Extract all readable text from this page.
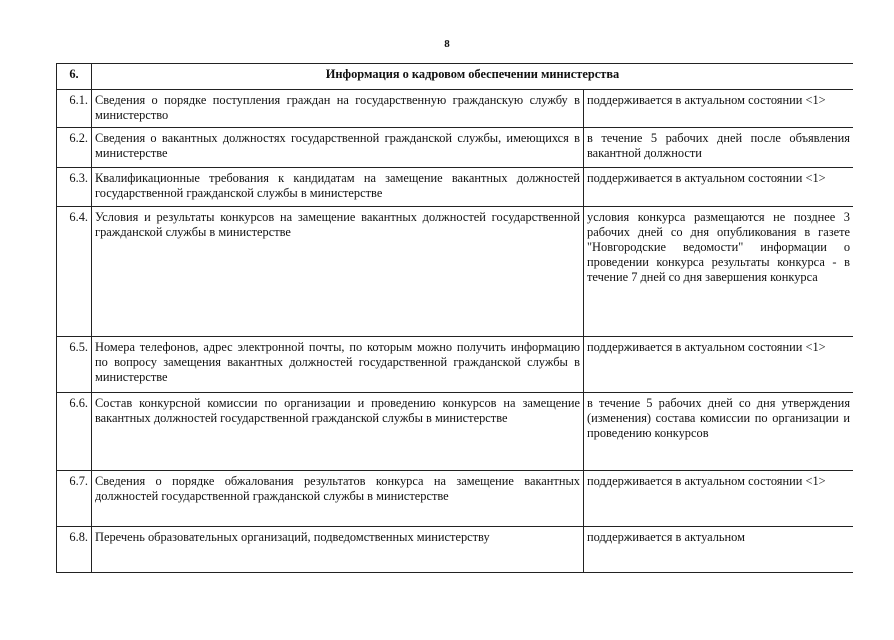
8
6.	Информация о кадровом обеспечении министерства	
6.1.	Сведения о порядке поступления граждан на государственную гражданскую службу в министерство	поддерживается в актуальном состоянии <1>
6.2.	Сведения о вакантных должностях государственной гражданской службы, имеющихся в министерстве	в течение 5 рабочих дней после объявления вакантной должности
6.3.	Квалификационные требования к кандидатам на замещение вакантных должностей государственной гражданской службы в министерстве	поддерживается в актуальном состоянии <1>
6.4.	Условия и результаты конкурсов на замещение вакантных должностей государственной гражданской службы в министерстве	условия конкурса размещаются не позднее 3 рабочих дней со дня опубликования в газете "Новгородские ведомости" информации о проведении конкурса результаты конкурса - в течение 7 дней со дня завершения конкурса
6.5.	Номера телефонов, адрес электронной почты, по которым можно получить информацию по вопросу замещения вакантных должностей государственной гражданской службы в министерстве	поддерживается в актуальном состоянии <1>
6.6.	Состав конкурсной комиссии по организации и проведению конкурсов на замещение вакантных должностей государственной гражданской службы в министерстве	в течение 5 рабочих дней со дня утверждения (изменения) состава комиссии по организации и проведению конкурсов
6.7.	Сведения о порядке обжалования результатов конкурса на замещение вакантных должностей государственной гражданской службы в министерстве	поддерживается в актуальном состоянии <1>
6.8.	Перечень образовательных организаций, подведомственных министерству	поддерживается в актуальном
